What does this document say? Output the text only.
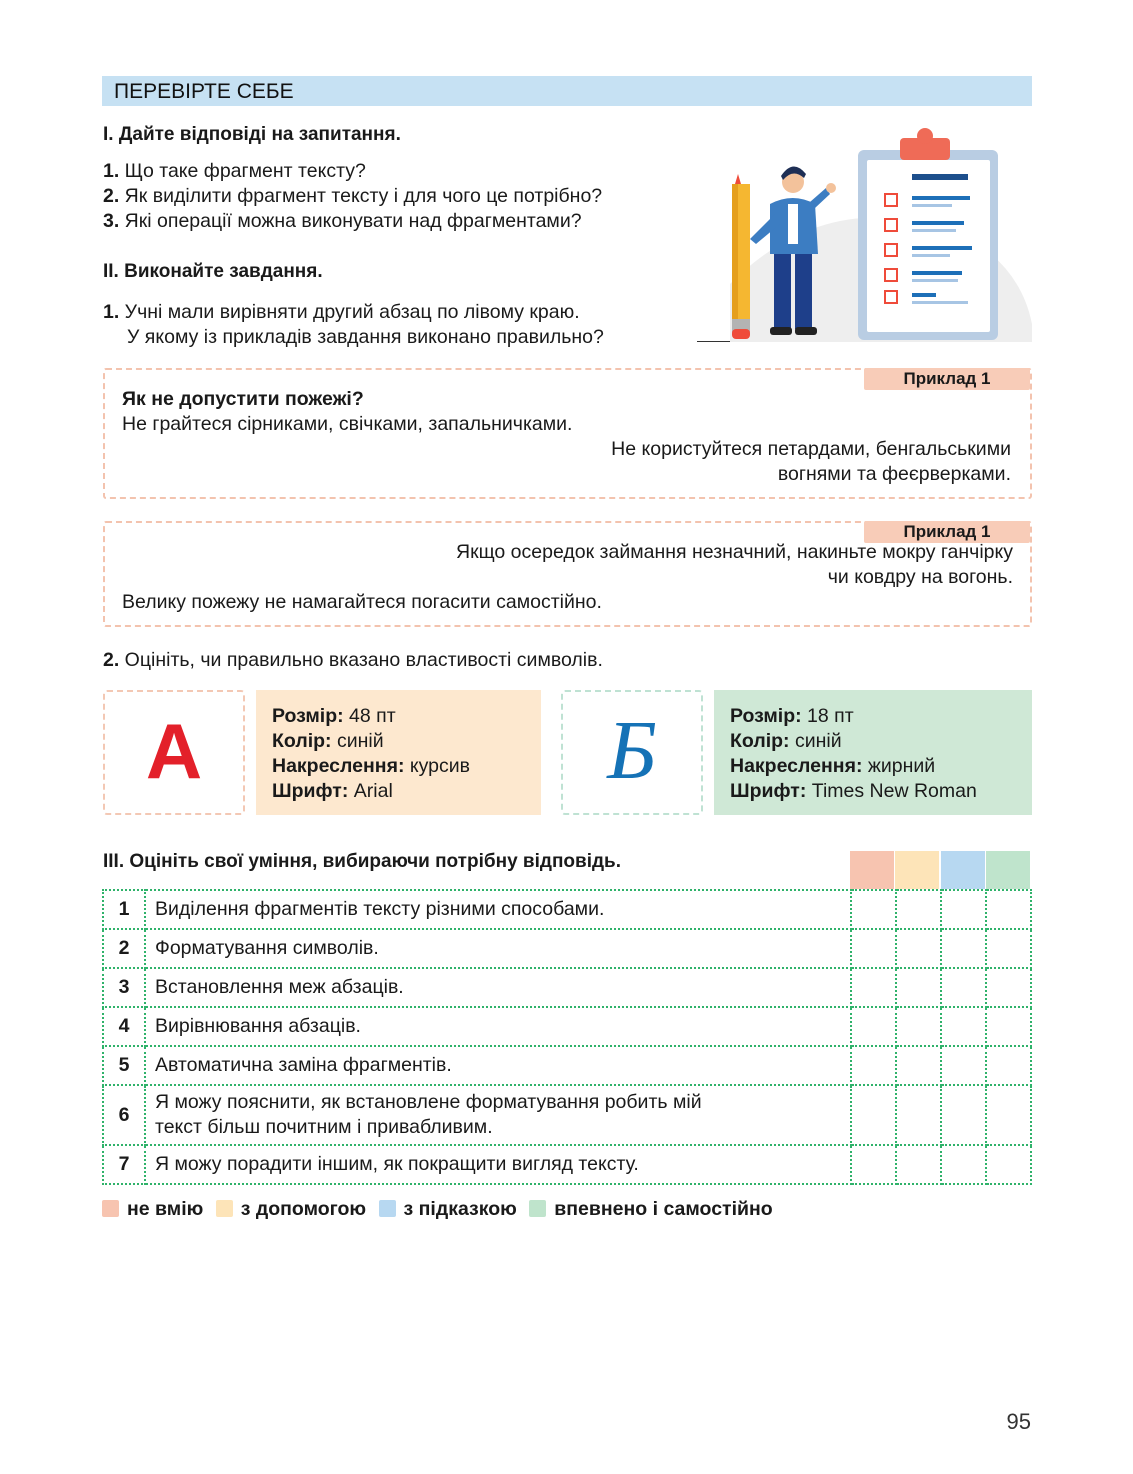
ПЕРЕВІРТЕ СЕБЕ
I. Дайте відповіді на запитання.
1. Що таке фрагмент тексту?
2. Як виділити фрагмент тексту і для чого це потрібно?
3. Які операції можна виконувати над фрагментами?
II. Виконайте завдання.
1. Учні мали вирівняти другий абзац по лівому краю.
У якому із прикладів завдання виконано правильно?
Приклад 1
Як не допустити пожежі?
Не грайтеся сірниками, свічками, запальничками.
Не користуйтеся петардами, бенгальськими
вогнями та феєрверками.
Приклад 1
Якщо осередок займання незначний, накиньте мокру ганчірку
чи ковдру на вогонь.
Велику пожежу не намагайтеся погасити самостійно.
2. Оцініть, чи правильно вказано властивості символів.
А	Розмір: 48 пт
Колір: синій
Накреслення: курсив
Шрифт: Arial	Б	Розмір: 18 пт
Колір: синій
Накреслення: жирний
Шрифт: Times New Roman
III. Оцініть свої уміння, вибираючи потрібну відповідь.
1	Виділення фрагментів тексту різними способами.				
2	Форматування символів.				
3	Встановлення меж абзаців.				
4	Вирівнювання абзаців.				
5	Автоматична заміна фрагментів.				
6	Я можу пояснити, як встановлене форматування робить мій текст більш почитним і привабливим.				
7	Я можу порадити іншим, як покращити вигляд тексту.				
не вмію з допомогою з підказкою впевнено і самостійно
95
